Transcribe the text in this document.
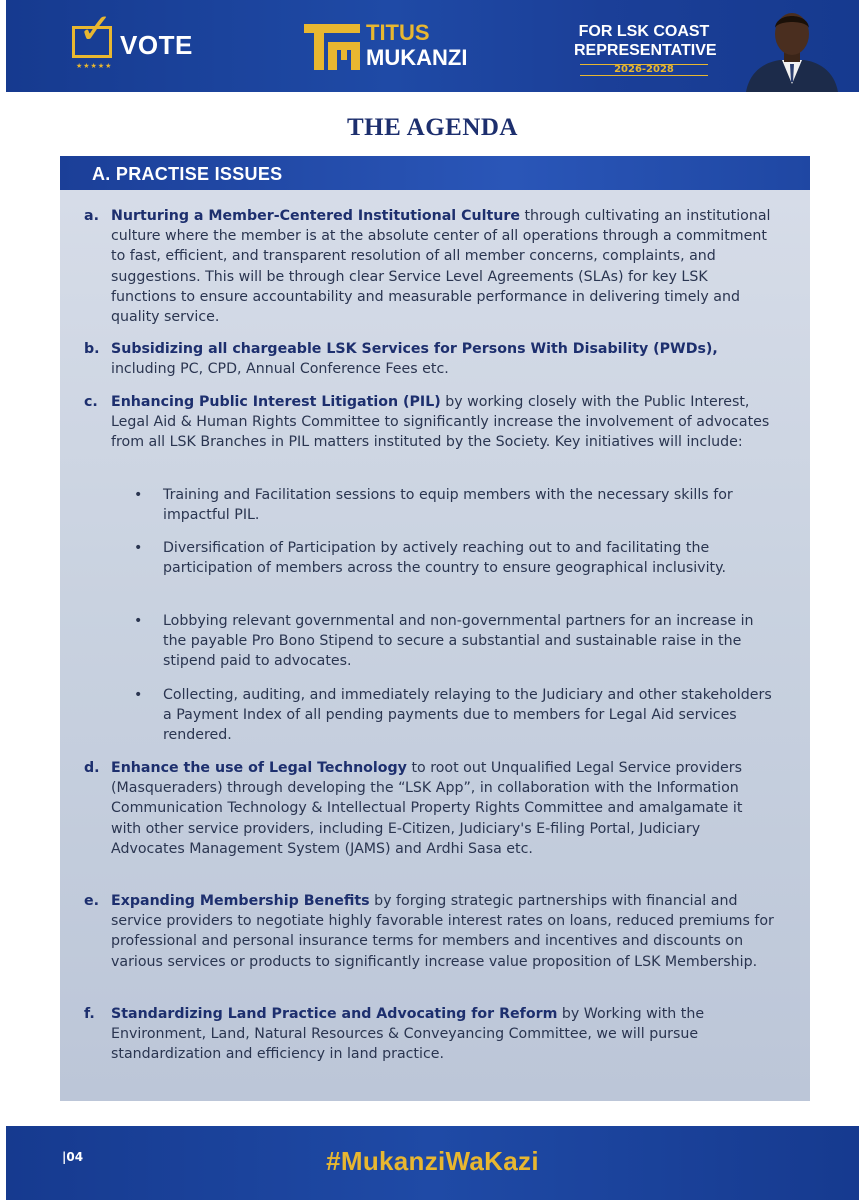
✓ VOTE
★★★★★
TITUS
MUKANZI
FOR LSK COAST
REPRESENTATIVE
2026-2028
THE AGENDA
A. PRACTISE ISSUES
a. Nurturing a Member-Centered Institutional Culture through cultivating an institutional culture where the member is at the absolute center of all operations through a commitment to fast, efficient, and transparent resolution of all member concerns, complaints, and suggestions. This will be through clear Service Level Agreements (SLAs) for key LSK functions to ensure accountability and measurable performance in delivering timely and quality service.
b. Subsidizing all chargeable LSK Services for Persons With Disability (PWDs), including PC, CPD, Annual Conference Fees etc.
c. Enhancing Public Interest Litigation (PIL) by working closely with the Public Interest, Legal Aid & Human Rights Committee to significantly increase the involvement of advocates from all LSK Branches in PIL matters instituted by the Society. Key initiatives will include:
• Training and Facilitation sessions to equip members with the necessary skills for impactful PIL.
• Diversification of Participation by actively reaching out to and facilitating the participation of members across the country to ensure geographical inclusivity.
• Lobbying relevant governmental and non-governmental partners for an increase in the payable Pro Bono Stipend to secure a substantial and sustainable raise in the stipend paid to advocates.
• Collecting, auditing, and immediately relaying to the Judiciary and other stakeholders a Payment Index of all pending payments due to members for Legal Aid services rendered.
d. Enhance the use of Legal Technology to root out Unqualified Legal Service providers (Masqueraders) through developing the “LSK App”, in collaboration with the Information Communication Technology & Intellectual Property Rights Committee and amalgamate it with other service providers, including E-Citizen, Judiciary's E-filing Portal, Judiciary Advocates Management System (JAMS) and Ardhi Sasa etc.
e. Expanding Membership Benefits by forging strategic partnerships with financial and service providers to negotiate highly favorable interest rates on loans, reduced premiums for professional and personal insurance terms for members and incentives and discounts on various services or products to significantly increase value proposition of LSK Membership.
f. Standardizing Land Practice and Advocating for Reform by Working with the Environment, Land, Natural Resources & Conveyancing Committee, we will pursue standardization and efficiency in land practice.
|04	#MukanziWaKazi
